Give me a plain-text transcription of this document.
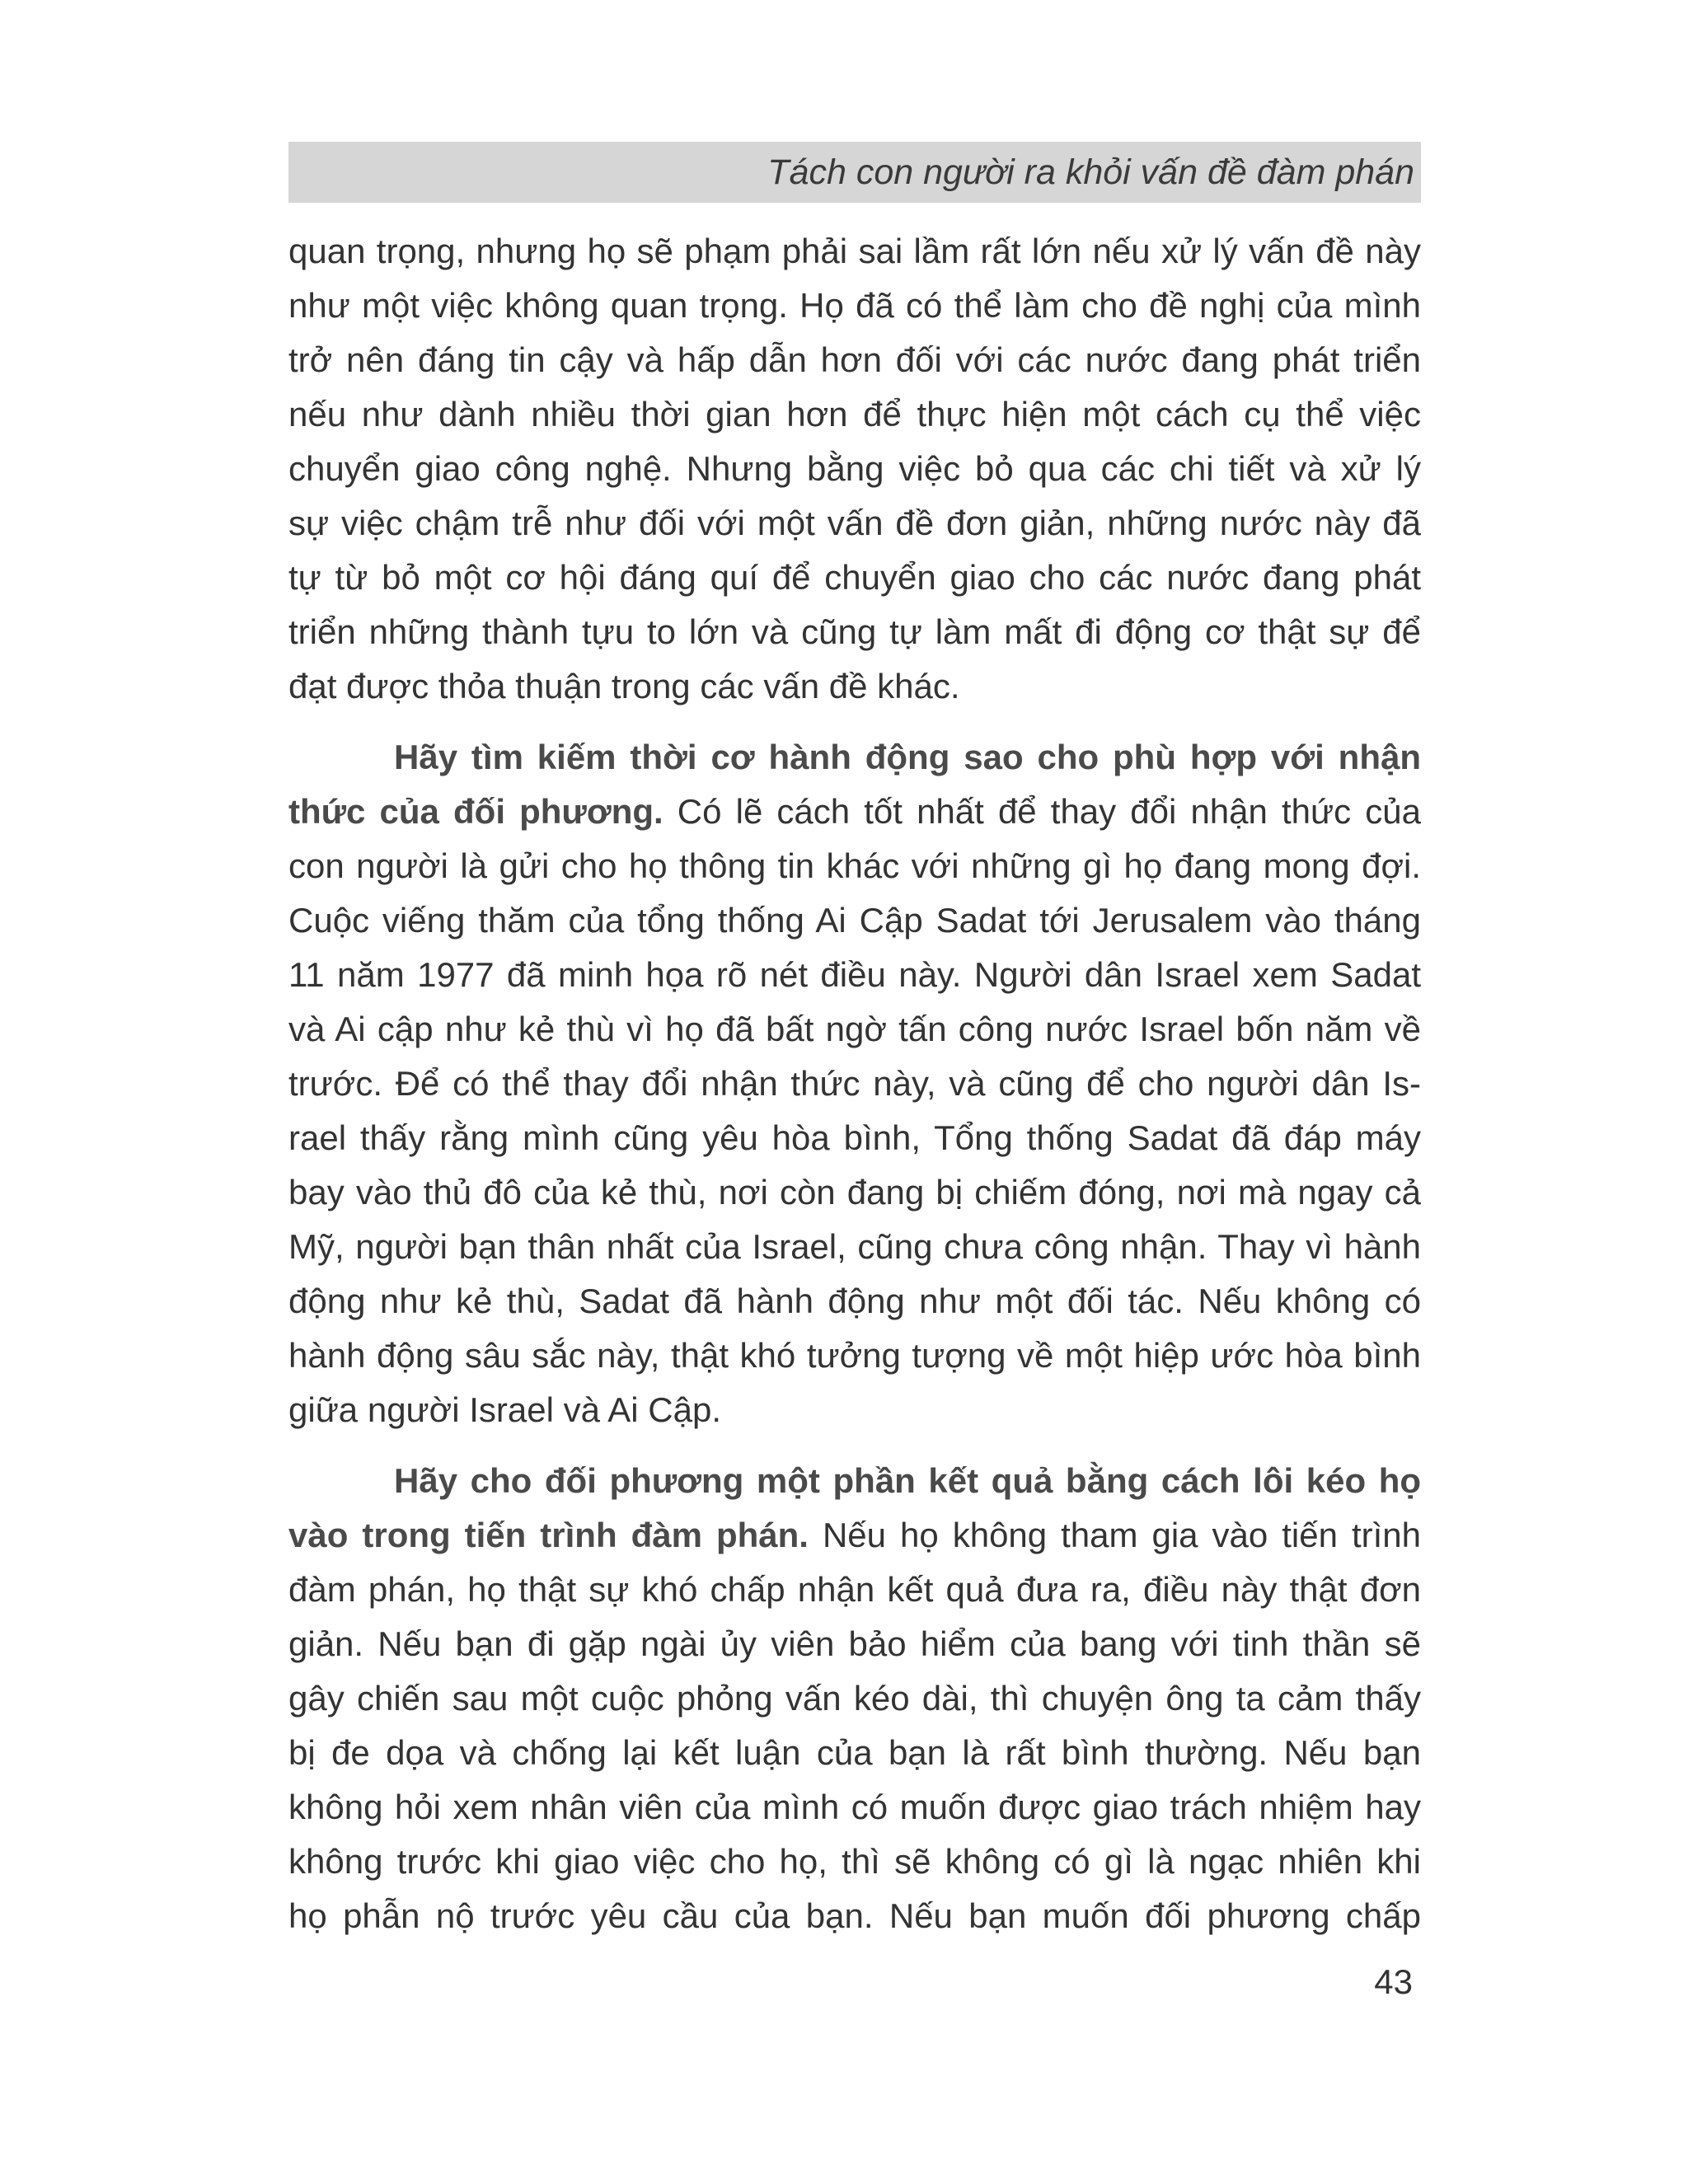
Tách con người ra khỏi vấn đề đàm phán
quan trọng, nhưng họ sẽ phạm phải sai lầm rất lớn nếu xử lý vấn đề này
như một việc không quan trọng. Họ đã có thể làm cho đề nghị của mình
trở nên đáng tin cậy và hấp dẫn hơn đối với các nước đang phát triển
nếu như dành nhiều thời gian hơn để thực hiện một cách cụ thể việc
chuyển giao công nghệ. Nhưng bằng việc bỏ qua các chi tiết và xử lý
sự việc chậm trễ như đối với một vấn đề đơn giản, những nước này đã
tự từ bỏ một cơ hội đáng quí để chuyển giao cho các nước đang phát
triển những thành tựu to lớn và cũng tự làm mất đi động cơ thật sự để
đạt được thỏa thuận trong các vấn đề khác.
Hãy tìm kiếm thời cơ hành động sao cho phù hợp với nhận
thức của đối phương. Có lẽ cách tốt nhất để thay đổi nhận thức của
con người là gửi cho họ thông tin khác với những gì họ đang mong đợi.
Cuộc viếng thăm của tổng thống Ai Cập Sadat tới Jerusalem vào tháng
11 năm 1977 đã minh họa rõ nét điều này. Người dân Israel xem Sadat
và Ai cập như kẻ thù vì họ đã bất ngờ tấn công nước Israel bốn năm về
trước. Để có thể thay đổi nhận thức này, và cũng để cho người dân Is-
rael thấy rằng mình cũng yêu hòa bình, Tổng thống Sadat đã đáp máy
bay vào thủ đô của kẻ thù, nơi còn đang bị chiếm đóng, nơi mà ngay cả
Mỹ, người bạn thân nhất của Israel, cũng chưa công nhận. Thay vì hành
động như kẻ thù, Sadat đã hành động như một đối tác. Nếu không có
hành động sâu sắc này, thật khó tưởng tượng về một hiệp ước hòa bình
giữa người Israel và Ai Cập.
Hãy cho đối phương một phần kết quả bằng cách lôi kéo họ
vào trong tiến trình đàm phán. Nếu họ không tham gia vào tiến trình
đàm phán, họ thật sự khó chấp nhận kết quả đưa ra, điều này thật đơn
giản. Nếu bạn đi gặp ngài ủy viên bảo hiểm của bang với tinh thần sẽ
gây chiến sau một cuộc phỏng vấn kéo dài, thì chuyện ông ta cảm thấy
bị đe dọa và chống lại kết luận của bạn là rất bình thường. Nếu bạn
không hỏi xem nhân viên của mình có muốn được giao trách nhiệm hay
không trước khi giao việc cho họ, thì sẽ không có gì là ngạc nhiên khi
họ phẫn nộ trước yêu cầu của bạn. Nếu bạn muốn đối phương chấp
43
